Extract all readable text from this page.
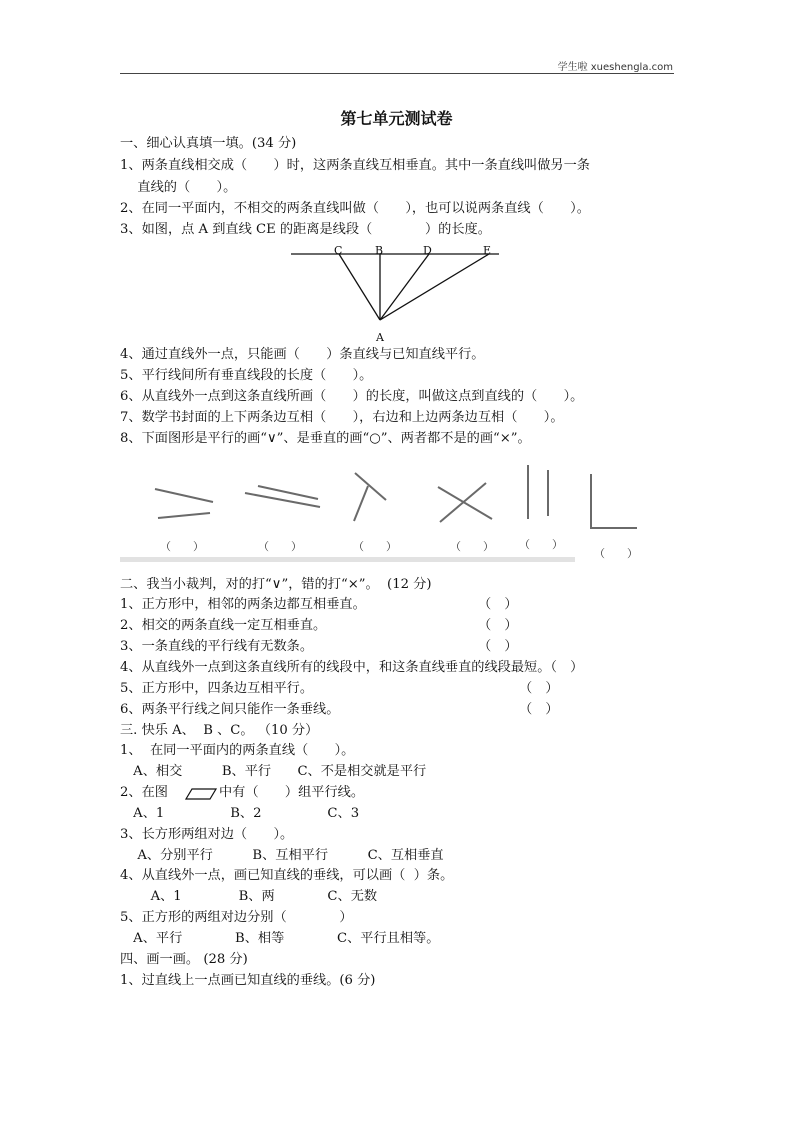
学生啦 xueshengla.com
第七单元测试卷
一、细心认真填一填。(34 分)
1、两条直线相交成（　　）时，这两条直线互相垂直。其中一条直线叫做另一条
　 直线的（　　）。
2、在同一平面内，不相交的两条直线叫做（　　），也可以说两条直线（　　）。
3、如图，点 A 到直线 CE 的距离是线段（　　　　）的长度。
C	B	D	E
A
4、通过直线外一点，只能画（　　）条直线与已知直线平行。
5、平行线间所有垂直线段的长度（　　）。
6、从直线外一点到这条直线所画（　　）的长度，叫做这点到直线的（　　）。
7、数学书封面的上下两条边互相（　　），右边和上边两条边互相（　　）。
8、下面图形是平行的画“∨”、是垂直的画“○”、两者都不是的画“×”。
（　　）	（　　）	（　　）	（　　） （　　）
（　　）
二、我当小裁判，对的打“∨”，错的打“×”。  (12 分)
1、正方形中，相邻的两条边都互相垂直。	（　）
2、相交的两条直线一定互相垂直。	（　）
3、一条直线的平行线有无数条。	（　）
4、从直线外一点到这条直线所有的线段中，和这条直线垂直的线段最短。（　）
5、正方形中，四条边互相平行。	（　）
6、两条平行线之间只能作一条垂线。	（　）
三. 快乐 A、  B 、C。 （10 分）
1、  在同一平面内的两条直线（　　）。
　A、相交　　　B、平行　　C、不是相交就是平行
2、在图	中有（　　）组平行线。
　A、1　　　　　B、2　　　　　C、3
3、长方形两组对边（　　）。
　 A、分别平行　　　B、互相平行　　　C、互相垂直
4、从直线外一点，画已知直线的垂线，可以画（  ）条。
　　 A、1　　　　 B、两　　　　C、无数
5、正方形的两组对边分别（　　　　）
　A、平行　　　　B、相等　　　　C、平行且相等。
四、画一画。 (28 分)
1、过直线上一点画已知直线的垂线。(6 分)
